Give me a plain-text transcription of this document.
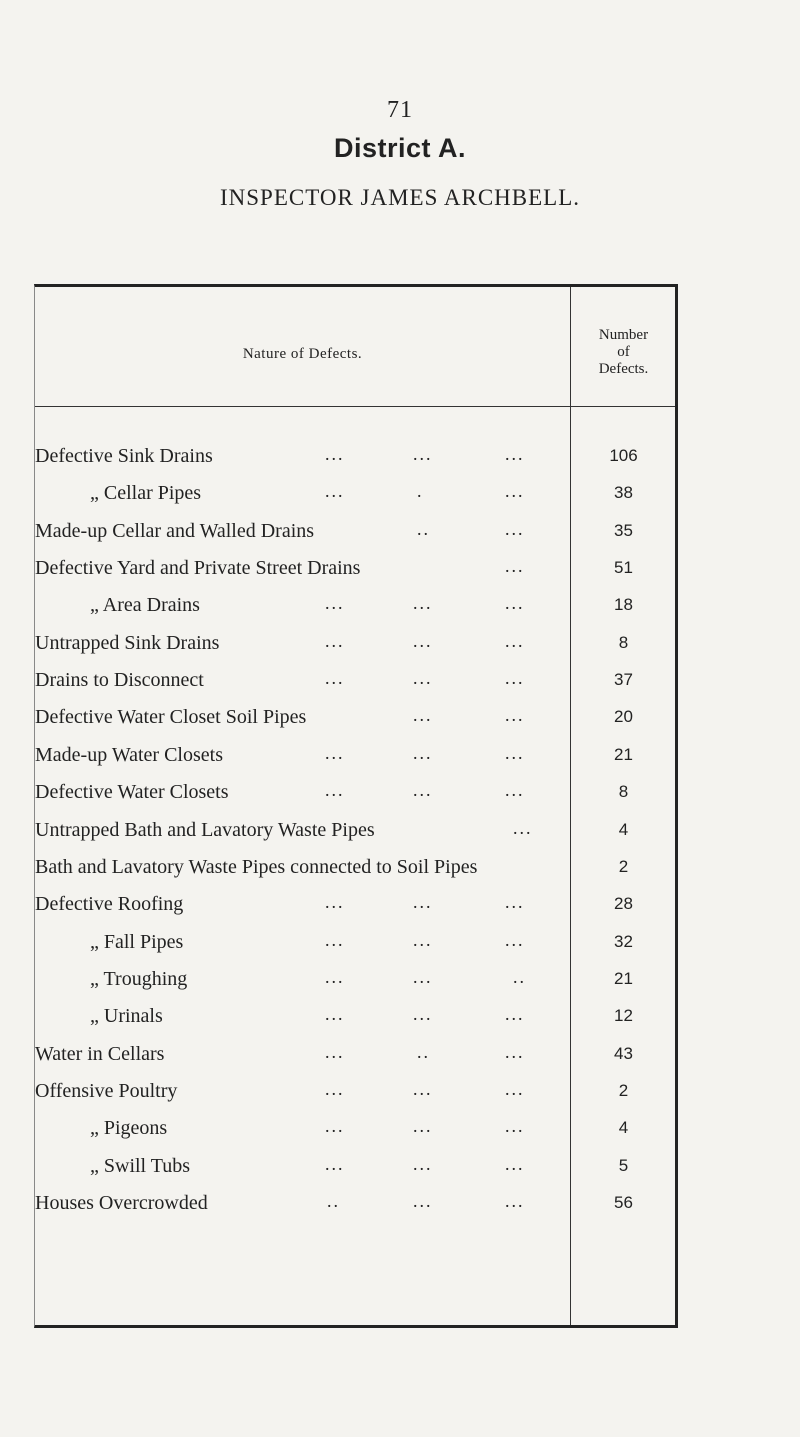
71
District A.
INSPECTOR JAMES ARCHBELL.
Nature of Defects.
Number
of
Defects.
Defective Sink Drains	...	...	...	106
„ Cellar Pipes	...	.	...	38
Made-up Cellar and Walled Drains	..	...	35
Defective Yard and Private Street Drains	...	51
„ Area Drains	...	...	...	18
Untrapped Sink Drains	...	...	...	8
Drains to Disconnect	...	...	...	37
Defective Water Closet Soil Pipes	...	...	20
Made-up Water Closets	...	...	...	21
Defective Water Closets	...	...	...	8
Untrapped Bath and Lavatory Waste Pipes	...	4
Bath and Lavatory Waste Pipes connected to Soil Pipes	2
Defective Roofing	...	...	...	28
„ Fall Pipes	...	...	...	32
„ Troughing	...	...	..	21
„ Urinals	...	...	...	12
Water in Cellars	...	..	...	43
Offensive Poultry	...	...	...	2
„ Pigeons	...	...	...	4
„ Swill Tubs	...	...	...	5
Houses Overcrowded	..	...	...	56
